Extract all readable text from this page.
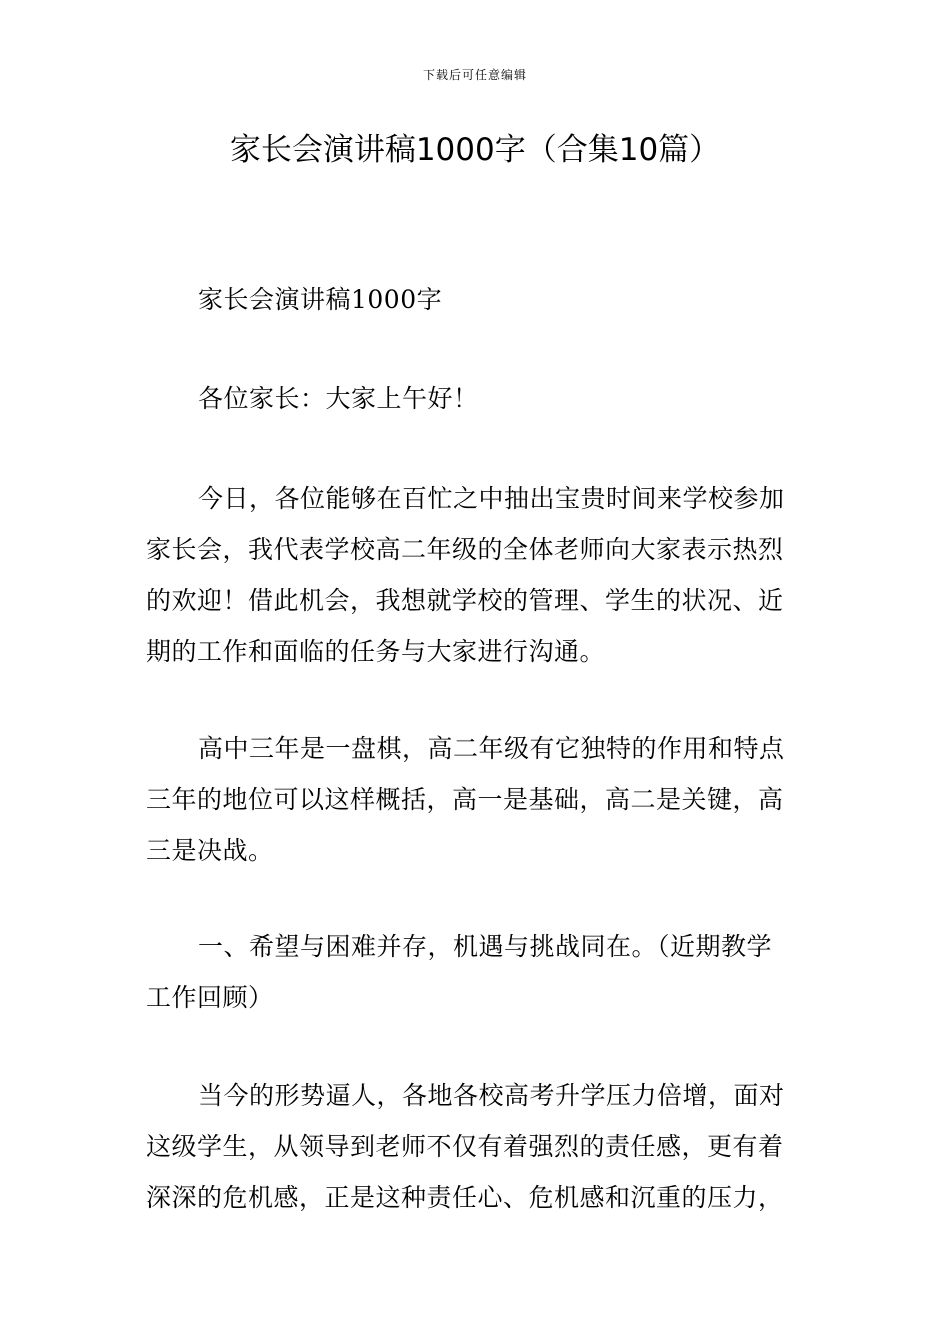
下载后可任意编辑
家长会演讲稿1000字（合集10篇）

家长会演讲稿1000字

各位家长：大家上午好！

今日，各位能够在百忙之中抽出宝贵时间来学校参加
家长会，我代表学校高二年级的全体老师向大家表示热烈
的欢迎！借此机会，我想就学校的管理、学生的状况、近
期的工作和面临的任务与大家进行沟通。

高中三年是一盘棋，高二年级有它独特的作用和特点
三年的地位可以这样概括，高一是基础，高二是关键，高
三是决战。

一、希望与困难并存，机遇与挑战同在。（近期教学
工作回顾）

当今的形势逼人，各地各校高考升学压力倍增，面对
这级学生，从领导到老师不仅有着强烈的责任感，更有着
深深的危机感，正是这种责任心、危机感和沉重的压力，
